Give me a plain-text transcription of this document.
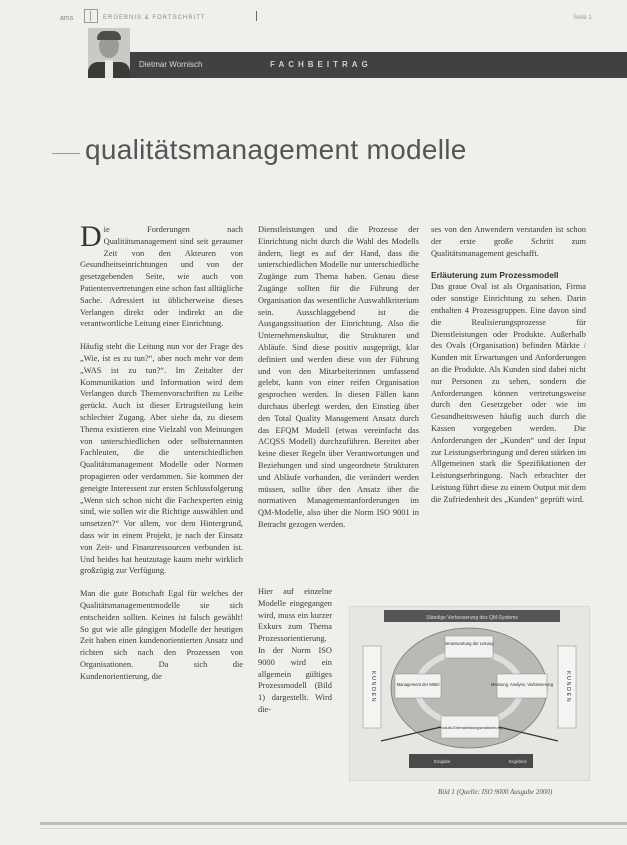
ams	ERGEBNIS & FORTSCHRITT	Seite 1
Dietmar Wornisch	FACHBEITRAG
qualitätsmanagement modelle

Die Forderungen nach Qualitätsmanagement sind seit geraumer Zeit von den Akteuren von Gesundheitseinrichtungen und von der gesetzgebenden Seite, wie auch von Patientenvertretungen eine schon fast alltägliche Sache. Adressiert ist üblicherweise dieses Verlangen direkt oder indirekt an die verantwortliche Leitung einer Einrichtung.

Häufig steht die Leitung nun vor der Frage des „Wie, ist es zu tun?“, aber noch mehr vor dem „WAS ist zu tun?“. Im Zeitalter der Kommunikation und Information wird dem Verlangen durch Themenvorschriften zu Leibe gerückt. Auch ist dieser Ertragsteilung kein schlechter Zugang. Aber siehe da, zu diesem Thema existieren eine Vielzahl von Meinungen von unterschiedlichen oder selbsternannten Fachleuten, die die unterschiedlichen Qualitätsmanagement Modelle oder Normen propagieren oder verdammen. Sie kommen der geneigte Interessent zur ersten Schlussfolgerung „Wenn sich schon nicht die Fachexperten einig sind, wie sollen wir die Richtige auswählen und umsetzen?“ Vor allem, vor dem Hintergrund, dass wir in einem Projekt, je nach der Einsatz von Zeit- und Finanzressourcen verbunden ist. Und beides hat heutzutage kaum mehr wirklich großzügig zur Verfügung.

Man die gute Botschaft Egal für welches der Qualitätsmanagementmodelle sie sich entscheiden sollten. Keines ist falsch gewählt! So gut wie alle gängigen Modelle der heutigen Zeit haben einen kundenorientierten Ansatz und richten sich nach den Prozessen von Organisationen. Da sich die Kundenorientierung, die

Dienstleistungen und die Prozesse der Einrichtung nicht durch die Wahl des Modells ändern, liegt es auf der Hand, dass die unterschiedlichen Modelle nur unterschiedliche Zugänge zum Thema haben. Genau diese Zugänge sollten für die Führung der Organisation das wesentliche Auswahlkriterium sein. Ausschlaggebend ist die Ausgangssituation der Einrichtung. Also die Unternehmenskultur, die Strukturen und Abläufe. Sind diese positiv ausgeprägt, klar definiert und werden diese von der Führung und von den Mitarbeiterinnen umfassend gelebt, kann von einer reifen Organisation gesprochen werden. In diesen Fällen kann durchaus überlegt werden, den Einstieg über den Total Quality Management Ansatz durch das EFQM Modell (etwas vereinfacht das ACQSS Modell) durchzuführen. Bereitet aber keine dieser Regeln über Verantwortungen und Beziehungen und sind ungeordnete Strukturen und Abläufe vorhanden, die verändert werden müssen, sollte über den Ansatz über die normativen Managementanforderungen im QM-Modelle, also über die Norm ISO 9001 in Betracht gezogen werden.

Hier auf einzelne Modelle eingegangen wird, muss ein kurzer Exkurs zum Thema Prozessorientierung. In der Norm ISO 9000 wird ein allgemein gültiges Prozessmodell (Bild 1) dargestellt. Wird die-

ses von den Anwendern verstanden ist schon der erste große Schritt zum Qualitätsmanagement geschafft.

Erläuterung zum Prozessmodell

Das graue Oval ist als Organisation, Firma oder sonstige Einrichtung zu sehen. Darin enthalten 4 Prozessgruppen. Eine davon sind die Realisierungsprozesse für Dienstleistungen oder Produkte. Außerhalb des Ovals (Organisation) befinden Märkte / Kunden mit Erwartungen und Anforderungen an die Produkte. Als Kunden sind dabei nicht nur Personen zu sehen, sondern die Anforderungen können vertretungsweise durch den Gesetzgeber oder wie im Gesundheitswesen häufig auch durch die Kassen vorgegeben werden. Die Anforderungen der „Kunden“ und der Input zur Leistungserbringung und deren stärken im Allgemeinen stark die Spezifikationen der Leistungserbringung. Nach erbrachter der Leistung führt diese zu einem Output mit dem die Zufriedenheit des „Kunden“ geprüft wird.

Ständige Verbesserung des QM-Systems
KUNDEN	KUNDEN
Verantwortung der Leitung
Management der Mittel	Messung, Analyse, Verbesserung
Produkt-/Dienstleistungsrealisierung
Eingabe	Ergebnis
Bild 1 (Quelle: ISO 9000 Ausgabe 2000)
